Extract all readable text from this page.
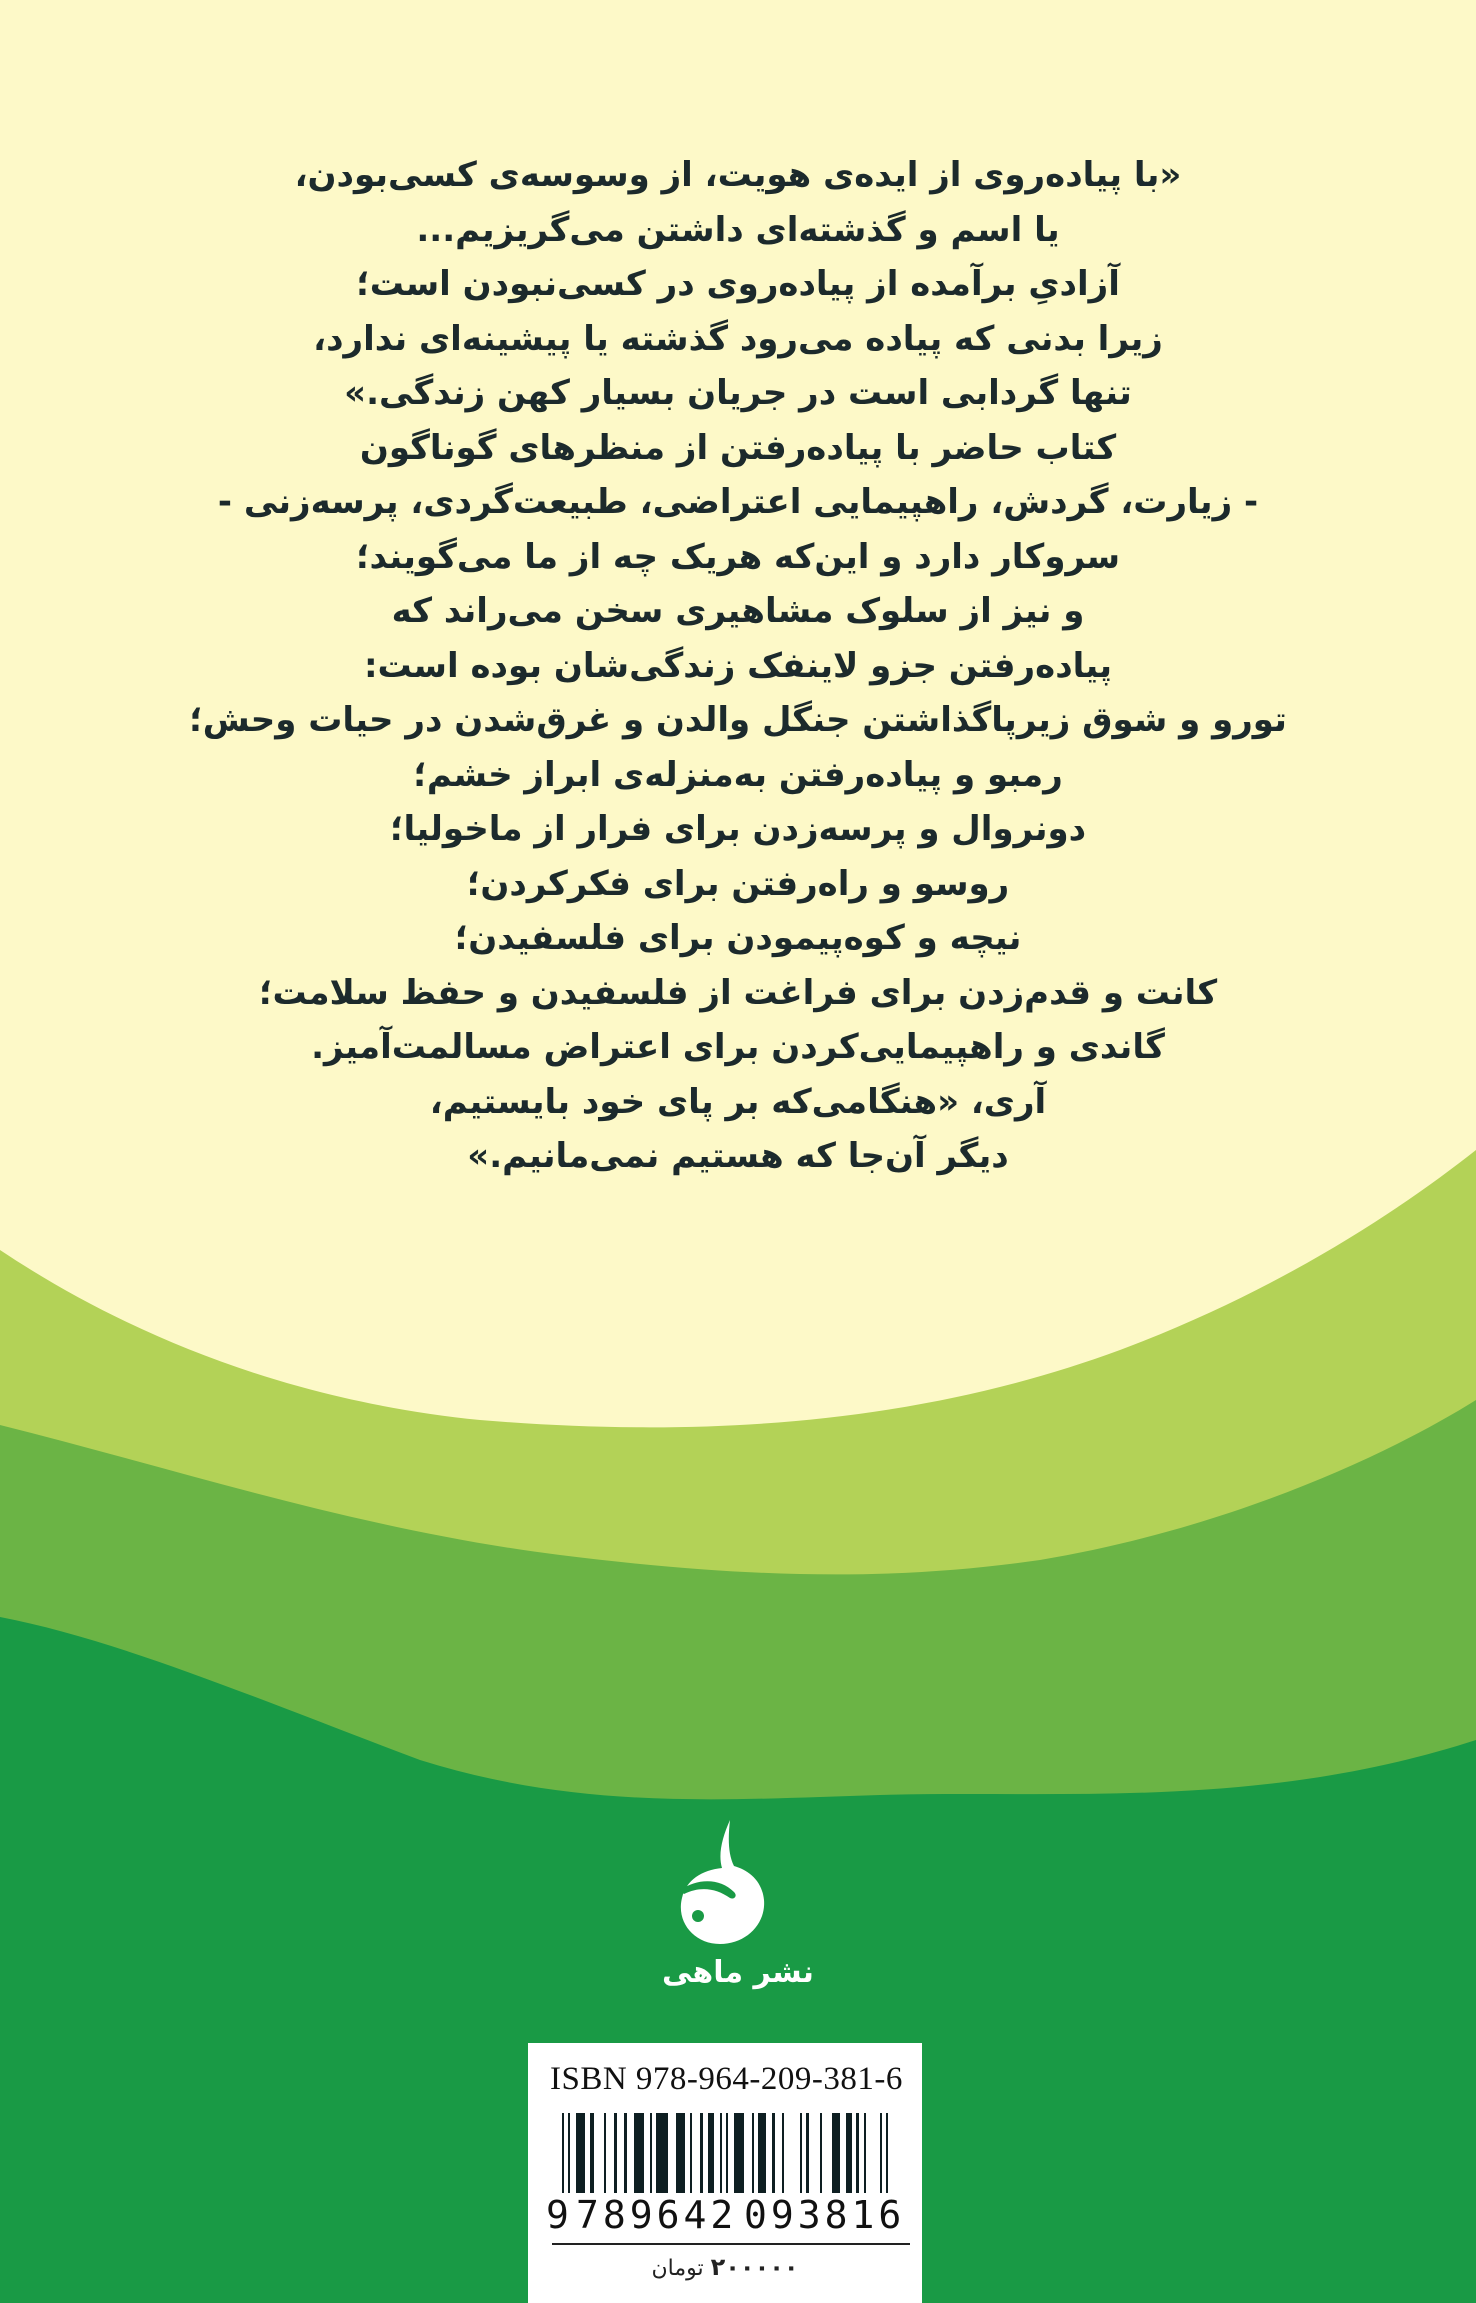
«با پیاده‌روی از ایده‌ی هویت، از وسوسه‌ی کسی‌بودن،
یا اسم و گذشته‌ای داشتن می‌گریزیم...
آزادیِ برآمده از پیاده‌روی در کسی‌نبودن است؛
زیرا بدنی که پیاده می‌رود گذشته یا پیشینه‌ای ندارد،
تنها گردابی است در جریان بسیار کهن زندگی.»
کتاب حاضر با پیاده‌رفتن از منظرهای گوناگون
- زیارت، گردش، راهپیمایی اعتراضی، طبیعت‌گردی، پرسه‌زنی -
سروکار دارد و این‌که هریک چه از ما می‌گویند؛
و نیز از سلوک مشاهیری سخن می‌راند که
پیاده‌رفتن جزو لاینفک زندگی‌شان بوده است:
تورو و شوق زیرپاگذاشتن جنگل والدن و غرق‌شدن در حیات وحش؛
رمبو و پیاده‌رفتن به‌منزله‌ی ابراز خشم؛
دونروال و پرسه‌زدن برای فرار از ماخولیا؛
روسو و راه‌رفتن برای فکرکردن؛
نیچه و کوه‌پیمودن برای فلسفیدن؛
کانت و قدم‌زدن برای فراغت از فلسفیدن و حفظ سلامت؛
گاندی و راهپیمایی‌کردن برای اعتراض مسالمت‌آمیز.
آری، «هنگامی‌که بر پای خود بایستیم،
دیگر آن‌جا که هستیم نمی‌مانیم.»
نشر ماهی
ISBN 978-964-209-381-6
9 789642 093816
۲۰۰۰۰۰ تومان
